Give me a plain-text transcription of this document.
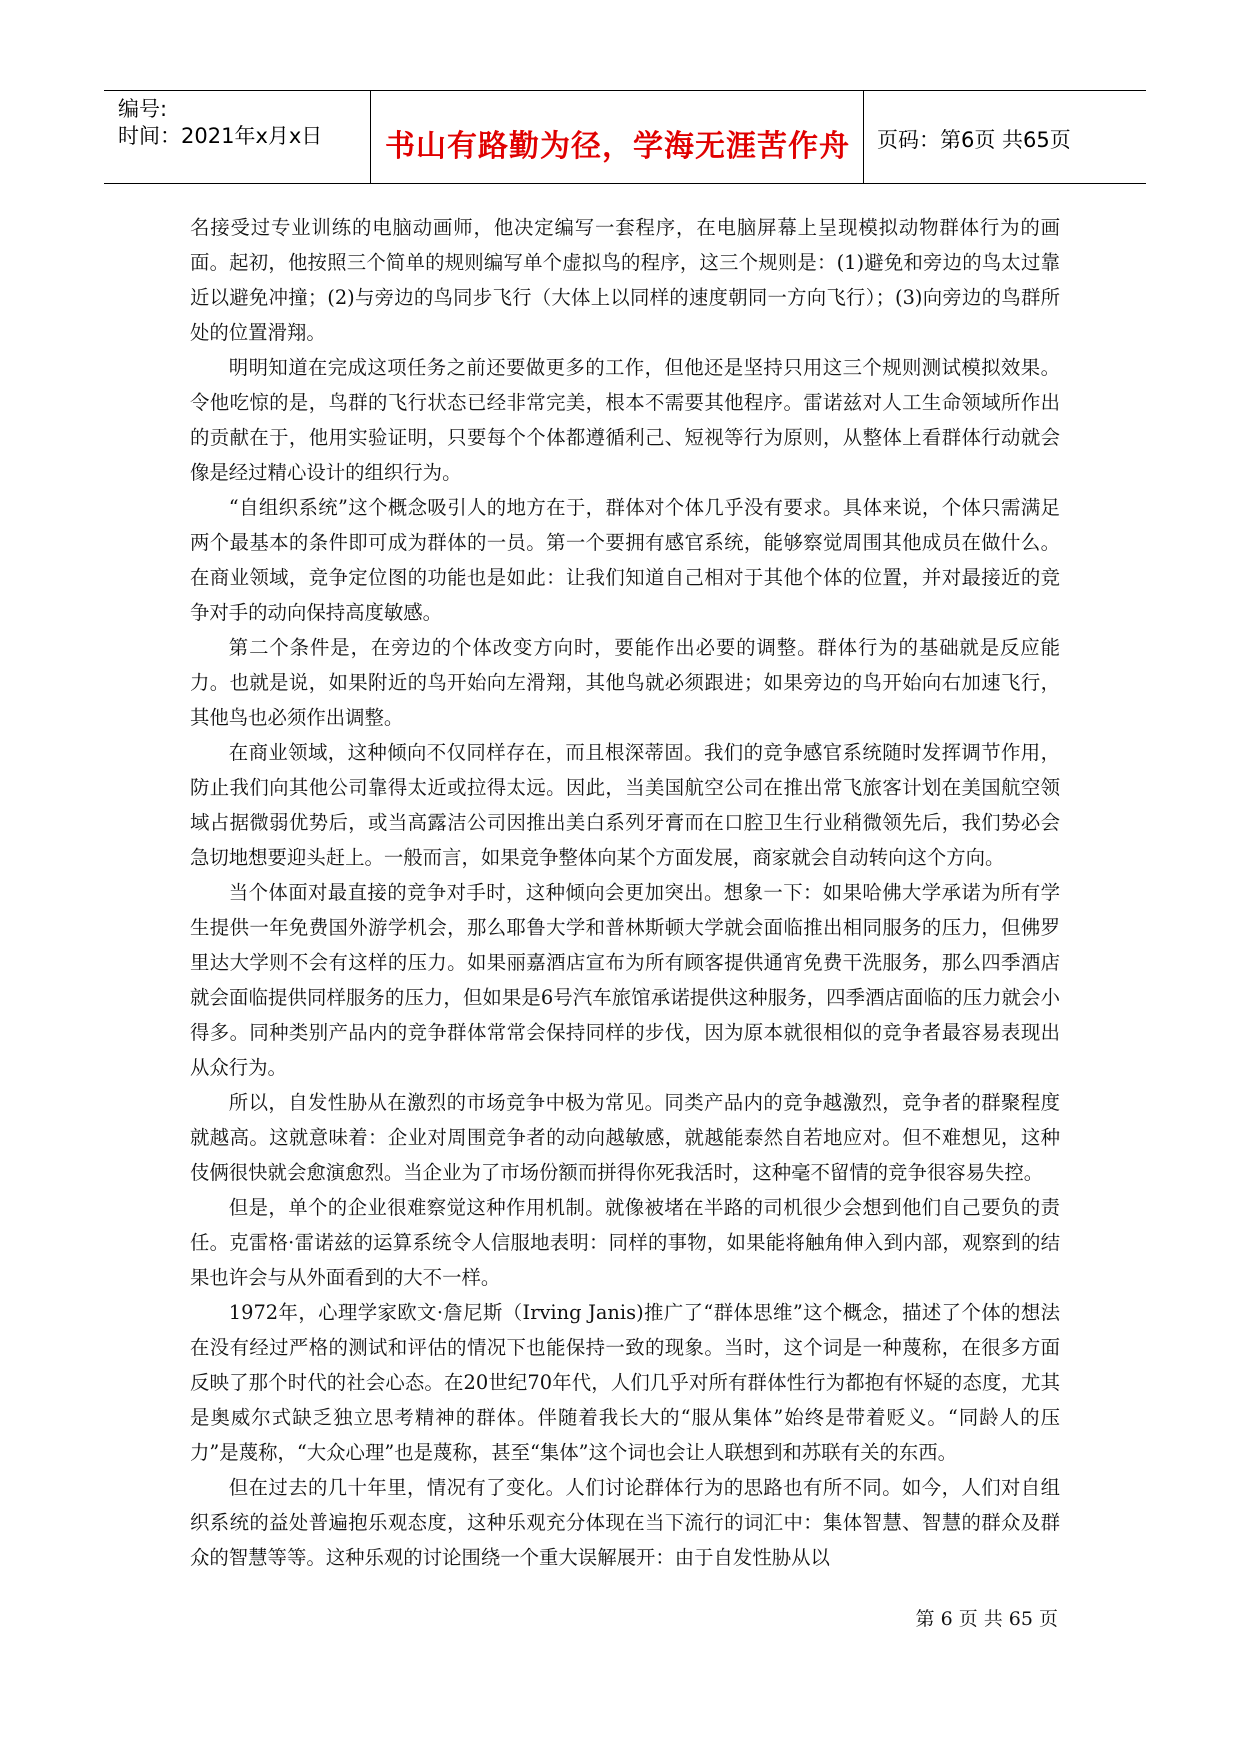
编号:
时间：2021年x月x日	书山有路勤为径，学海无涯苦作舟	页码：第6页 共65页

名接受过专业训练的电脑动画师，他决定编写一套程序，在电脑屏幕上呈现模拟动物群体行为的画面。起初，他按照三个简单的规则编写单个虚拟鸟的程序，这三个规则是：(1)避免和旁边的鸟太过靠近以避免冲撞；(2)与旁边的鸟同步飞行（大体上以同样的速度朝同一方向飞行）；(3)向旁边的鸟群所处的位置滑翔。

明明知道在完成这项任务之前还要做更多的工作，但他还是坚持只用这三个规则测试模拟效果。令他吃惊的是，鸟群的飞行状态已经非常完美，根本不需要其他程序。雷诺兹对人工生命领域所作出的贡献在于，他用实验证明，只要每个个体都遵循利己、短视等行为原则，从整体上看群体行动就会像是经过精心设计的组织行为。

“自组织系统”这个概念吸引人的地方在于，群体对个体几乎没有要求。具体来说，个体只需满足两个最基本的条件即可成为群体的一员。第一个要拥有感官系统，能够察觉周围其他成员在做什么。在商业领域，竞争定位图的功能也是如此：让我们知道自己相对于其他个体的位置，并对最接近的竞争对手的动向保持高度敏感。

第二个条件是，在旁边的个体改变方向时，要能作出必要的调整。群体行为的基础就是反应能力。也就是说，如果附近的鸟开始向左滑翔，其他鸟就必须跟进；如果旁边的鸟开始向右加速飞行，其他鸟也必须作出调整。

在商业领域，这种倾向不仅同样存在，而且根深蒂固。我们的竞争感官系统随时发挥调节作用，防止我们向其他公司靠得太近或拉得太远。因此，当美国航空公司在推出常飞旅客计划在美国航空领域占据微弱优势后，或当高露洁公司因推出美白系列牙膏而在口腔卫生行业稍微领先后，我们势必会急切地想要迎头赶上。一般而言，如果竞争整体向某个方面发展，商家就会自动转向这个方向。

当个体面对最直接的竞争对手时，这种倾向会更加突出。想象一下：如果哈佛大学承诺为所有学生提供一年免费国外游学机会，那么耶鲁大学和普林斯顿大学就会面临推出相同服务的压力，但佛罗里达大学则不会有这样的压力。如果丽嘉酒店宣布为所有顾客提供通宵免费干洗服务，那么四季酒店就会面临提供同样服务的压力，但如果是6号汽车旅馆承诺提供这种服务，四季酒店面临的压力就会小得多。同种类别产品内的竞争群体常常会保持同样的步伐，因为原本就很相似的竞争者最容易表现出从众行为。

所以，自发性胁从在激烈的市场竞争中极为常见。同类产品内的竞争越激烈，竞争者的群聚程度就越高。这就意味着：企业对周围竞争者的动向越敏感，就越能泰然自若地应对。但不难想见，这种伎俩很快就会愈演愈烈。当企业为了市场份额而拼得你死我活时，这种毫不留情的竞争很容易失控。

但是，单个的企业很难察觉这种作用机制。就像被堵在半路的司机很少会想到他们自己要负的责任。克雷格·雷诺兹的运算系统令人信服地表明：同样的事物，如果能将触角伸入到内部，观察到的结果也许会与从外面看到的大不一样。

1972年，心理学家欧文·詹尼斯（Irving Janis)推广了“群体思维”这个概念，描述了个体的想法在没有经过严格的测试和评估的情况下也能保持一致的现象。当时，这个词是一种蔑称，在很多方面反映了那个时代的社会心态。在20世纪70年代，人们几乎对所有群体性行为都抱有怀疑的态度，尤其是奥威尔式缺乏独立思考精神的群体。伴随着我长大的“服从集体”始终是带着贬义。“同龄人的压力”是蔑称，“大众心理”也是蔑称，甚至“集体”这个词也会让人联想到和苏联有关的东西。

但在过去的几十年里，情况有了变化。人们讨论群体行为的思路也有所不同。如今，人们对自组织系统的益处普遍抱乐观态度，这种乐观充分体现在当下流行的词汇中：集体智慧、智慧的群众及群众的智慧等等。这种乐观的讨论围绕一个重大误解展开：由于自发性胁从以

第 6 页 共 65 页
